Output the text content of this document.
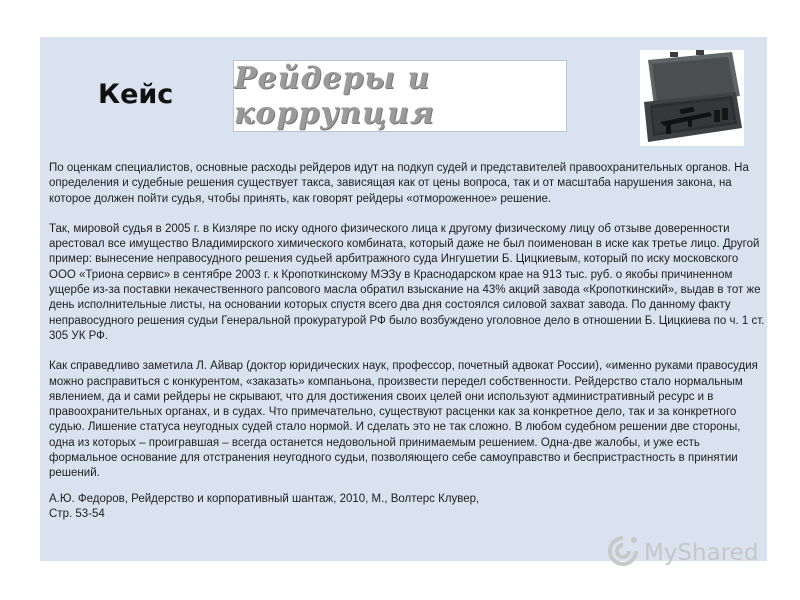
Кейс Рейдеры и коррупция

По оценкам специалистов, основные расходы рейдеров идут на подкуп судей и представителей правоохранительных органов. На определения и судебные решения существует такса, зависящая как от цены вопроса, так и от масштаба нарушения закона, на которое должен пойти судья, чтобы принять, как говорят рейдеры «отмороженное» решение.

Так, мировой судья в 2005 г. в Кизляре по иску одного физического лица к другому физическому лицу об отзыве доверенности арестовал все имущество Владимирского химического комбината, который даже не был поименован в иске как третье лицо. Другой пример: вынесение неправосудного решения судьей арбитражного суда Ингушетии Б. Цицкиевым, который по иску московского ООО «Триона сервис» в сентябре 2003 г. к Кропоткинскому МЭЗу в Краснодарском крае на 913 тыс. руб. о якобы причиненном ущербе из-за поставки некачественного рапсового масла обратил взыскание на 43% акций завода «Кропоткинский», выдав в тот же день исполнительные листы, на основании которых спустя всего два дня состоялся силовой захват завода. По данному факту неправосудного решения судьи Генеральной прокуратурой РФ было возбуждено уголовное дело в отношении Б. Цицкиева по ч. 1 ст. 305 УК РФ.

Как справедливо заметила Л. Айвар (доктор юридических наук, профессор, почетный адвокат России), «именно руками правосудия можно расправиться с конкурентом, «заказать» компаньона, произвести передел собственности. Рейдерство стало нормальным явлением, да и сами рейдеры не скрывают, что для достижения своих целей они используют административный ресурс и в правоохранительных органах, и в судах. Что примечательно, существуют расценки как за конкретное дело, так и за конкретного судью. Лишение статуса неугодных судей стало нормой. И сделать это не так сложно. В любом судебном решении две стороны, одна из которых – проигравшая – всегда останется недовольной принимаемым решением. Одна-две жалобы, и уже есть формальное основание для отстранения неугодного судьи, позволяющего себе самоуправство и беспристрастность в принятии решений.

А.Ю. Федоров, Рейдерство и корпоративный шантаж, 2010, М., Волтерс Клувер,
Стр. 53-54

MyShared
